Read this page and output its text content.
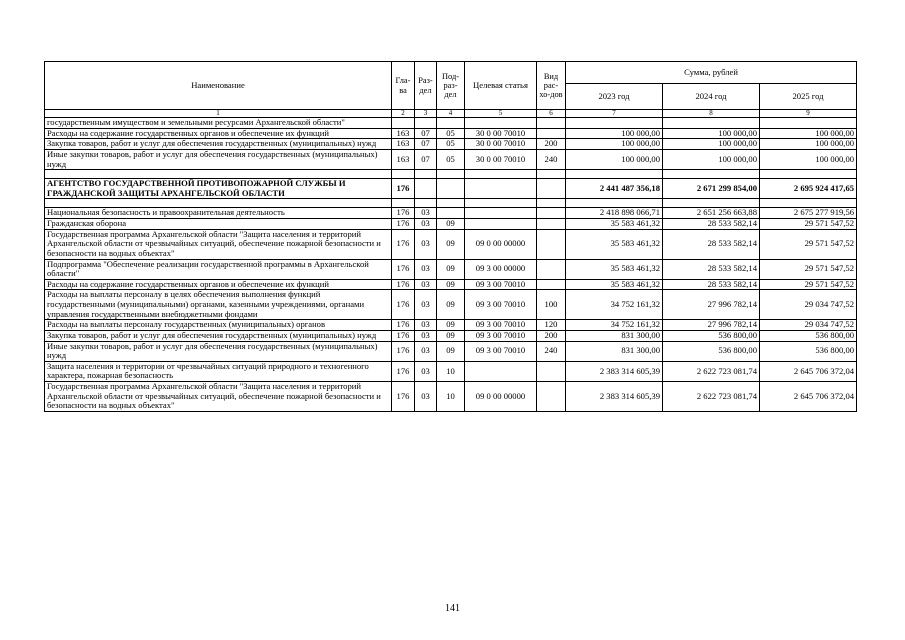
Наименование	Гла-ва	Раз-дел	Под-раз-дел	Целевая статья	Вид рас-хо-дов	Сумма, рублей		
						2023 год	2024 год	2025 год
1	2	3	4	5	6	7	8	9
государственным имуществом и земельными ресурсами Архангельской области"								
Расходы на содержание государственных органов и обеспечение их функций	163	07	05	30 0 00 70010		100 000,00	100 000,00	100 000,00
Закупка товаров, работ и услуг для обеспечения государственных (муниципальных) нужд	163	07	05	30 0 00 70010	200	100 000,00	100 000,00	100 000,00
Иные закупки товаров, работ и услуг для обеспечения государственных (муниципальных) нужд	163	07	05	30 0 00 70010	240	100 000,00	100 000,00	100 000,00

АГЕНТСТВО ГОСУДАРСТВЕННОЙ ПРОТИВОПОЖАРНОЙ СЛУЖБЫ И ГРАЖДАНСКОЙ ЗАЩИТЫ АРХАНГЕЛЬСКОЙ ОБЛАСТИ	176					2 441 487 356,18	2 671 299 854,00	2 695 924 417,65

Национальная безопасность и правоохранительная деятельность	176	03				2 418 898 066,71	2 651 256 663,88	2 675 277 919,56
Гражданская оборона	176	03	09			35 583 461,32	28 533 582,14	29 571 547,52
Государственная программа Архангельской области "Защита населения и территорий Архангельской области от чрезвычайных ситуаций, обеспечение пожарной безопасности и безопасности на водных объектах"	176	03	09	09 0 00 00000		35 583 461,32	28 533 582,14	29 571 547,52
Подпрограмма "Обеспечение реализации государственной программы в Архангельской области"	176	03	09	09 3 00 00000		35 583 461,32	28 533 582,14	29 571 547,52
Расходы на содержание государственных органов и обеспечение их функций	176	03	09	09 3 00 70010		35 583 461,32	28 533 582,14	29 571 547,52
Расходы на выплаты персоналу в целях обеспечения выполнения функций государственными (муниципальными) органами, казенными учреждениями, органами управления государственными внебюджетными фондами	176	03	09	09 3 00 70010	100	34 752 161,32	27 996 782,14	29 034 747,52
Расходы на выплаты персоналу государственных (муниципальных) органов	176	03	09	09 3 00 70010	120	34 752 161,32	27 996 782,14	29 034 747,52
Закупка товаров, работ и услуг для обеспечения государственных (муниципальных) нужд	176	03	09	09 3 00 70010	200	831 300,00	536 800,00	536 800,00
Иные закупки товаров, работ и услуг для обеспечения государственных (муниципальных) нужд	176	03	09	09 3 00 70010	240	831 300,00	536 800,00	536 800,00
Защита населения и территории от чрезвычайных ситуаций природного и техногенного характера, пожарная безопасность	176	03	10			2 383 314 605,39	2 622 723 081,74	2 645 706 372,04
Государственная программа Архангельской области "Защита населения и территорий Архангельской области от чрезвычайных ситуаций, обеспечение пожарной безопасности и безопасности на водных объектах"	176	03	10	09 0 00 00000		2 383 314 605,39	2 622 723 081,74	2 645 706 372,04
141
